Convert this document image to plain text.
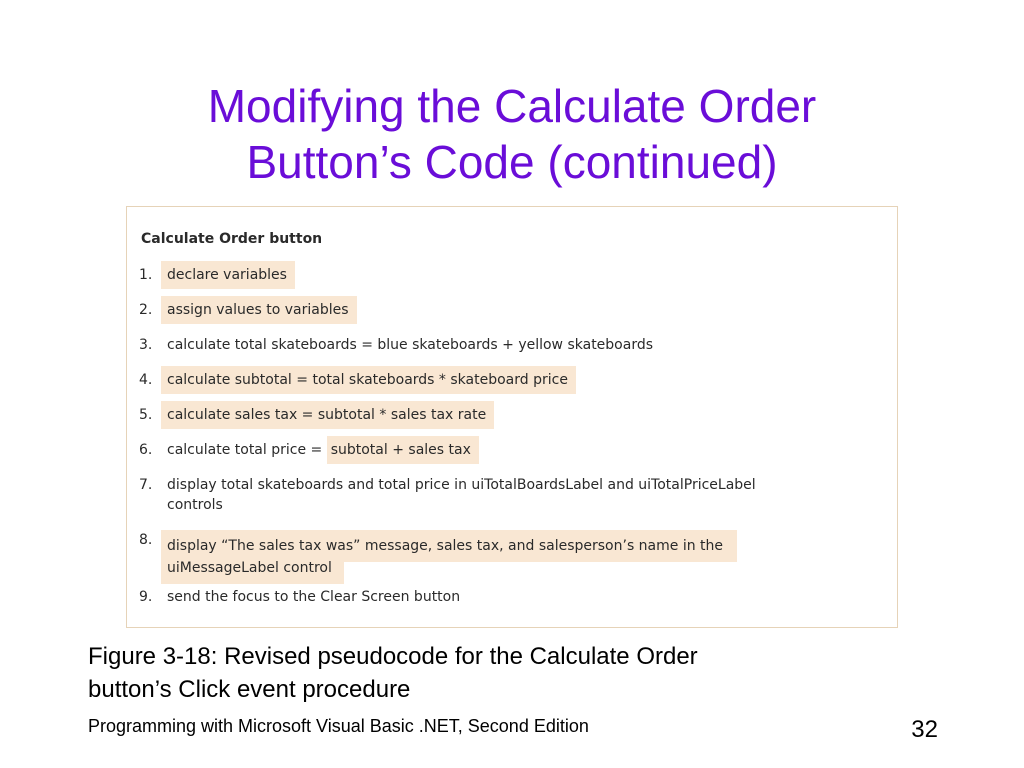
Modifying the Calculate Order
Button’s Code (continued)
Calculate Order button
1.	declare variables
2.	assign values to variables
3.	calculate total skateboards = blue skateboards + yellow skateboards
4.	calculate subtotal = total skateboards * skateboard price
5.	calculate sales tax = subtotal * sales tax rate
6.	calculate total price = subtotal + sales tax
7.	display total skateboards and total price in uiTotalBoardsLabel and uiTotalPriceLabel
controls
8.	display “The sales tax was” message, sales tax, and salesperson’s name in the
uiMessageLabel control
9.	send the focus to the Clear Screen button
Figure 3-18: Revised pseudocode for the Calculate Order
button’s Click event procedure
Programming with Microsoft Visual Basic .NET, Second Edition	32
